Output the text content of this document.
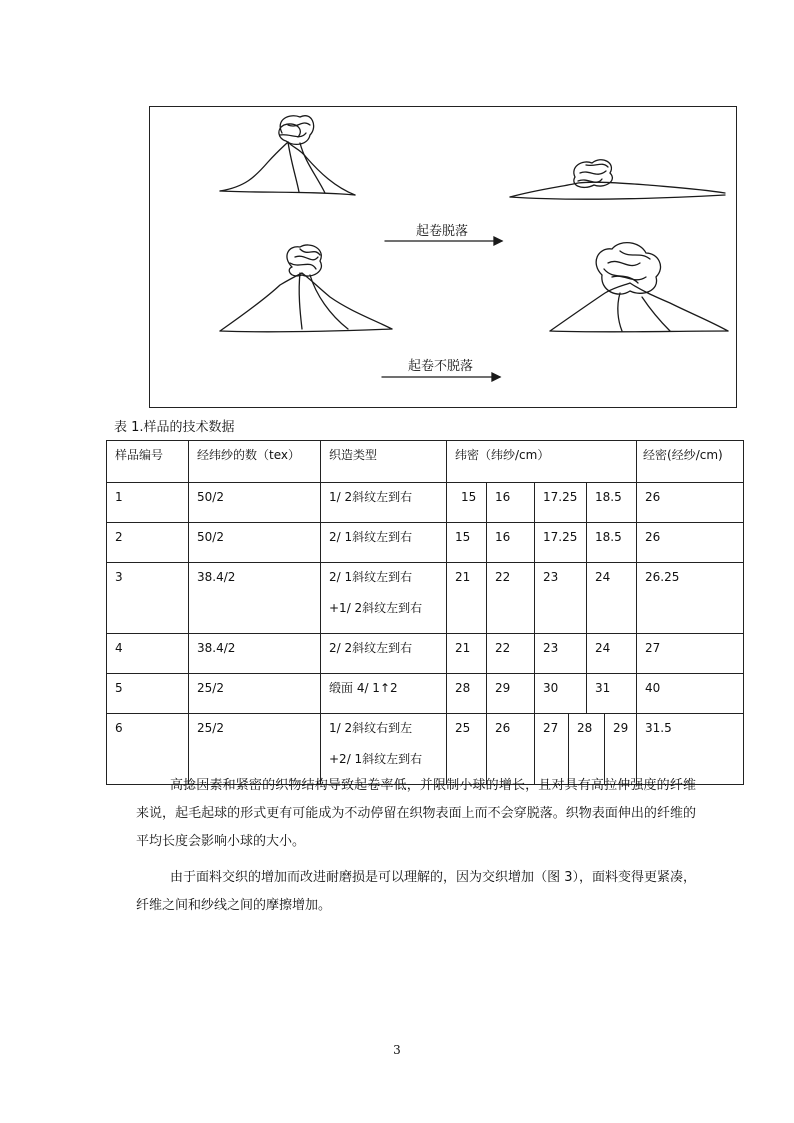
起卷脱落
起卷不脱落
表 1.样品的技术数据
样品编号	经纬纱的数（tex）	织造类型	纬密（纬纱/cm）						经密(经纱/cm)

1	50/2	1/ 2斜纹左到右	15	16	17.25		18.5		26

2	50/2	2/ 1斜纹左到右	15	16	17.25		18.5		26

3	38.4/2	2/ 1斜纹左到右
+1/ 2斜纹左到右	21	22	23		24		26.25

4	38.4/2	2/ 2斜纹左到右	21	22	23		24		27

5	25/2	缎面 4/ 1↑2	28	29	30		31		40

6	25/2	1/ 2斜纹右到左
+2/ 1斜纹左到右	25	26	27	28		29	31.5
高捻因素和紧密的织物结构导致起卷率低，并限制小球的增长，且对具有高拉伸强度的纤维来说，起毛起球的形式更有可能成为不动停留在织物表面上而不会穿脱落。织物表面伸出的纤维的平均长度会影响小球的大小。
由于面料交织的增加而改进耐磨损是可以理解的，因为交织增加（图 3），面料变得更紧凑，纤维之间和纱线之间的摩擦增加。
3
